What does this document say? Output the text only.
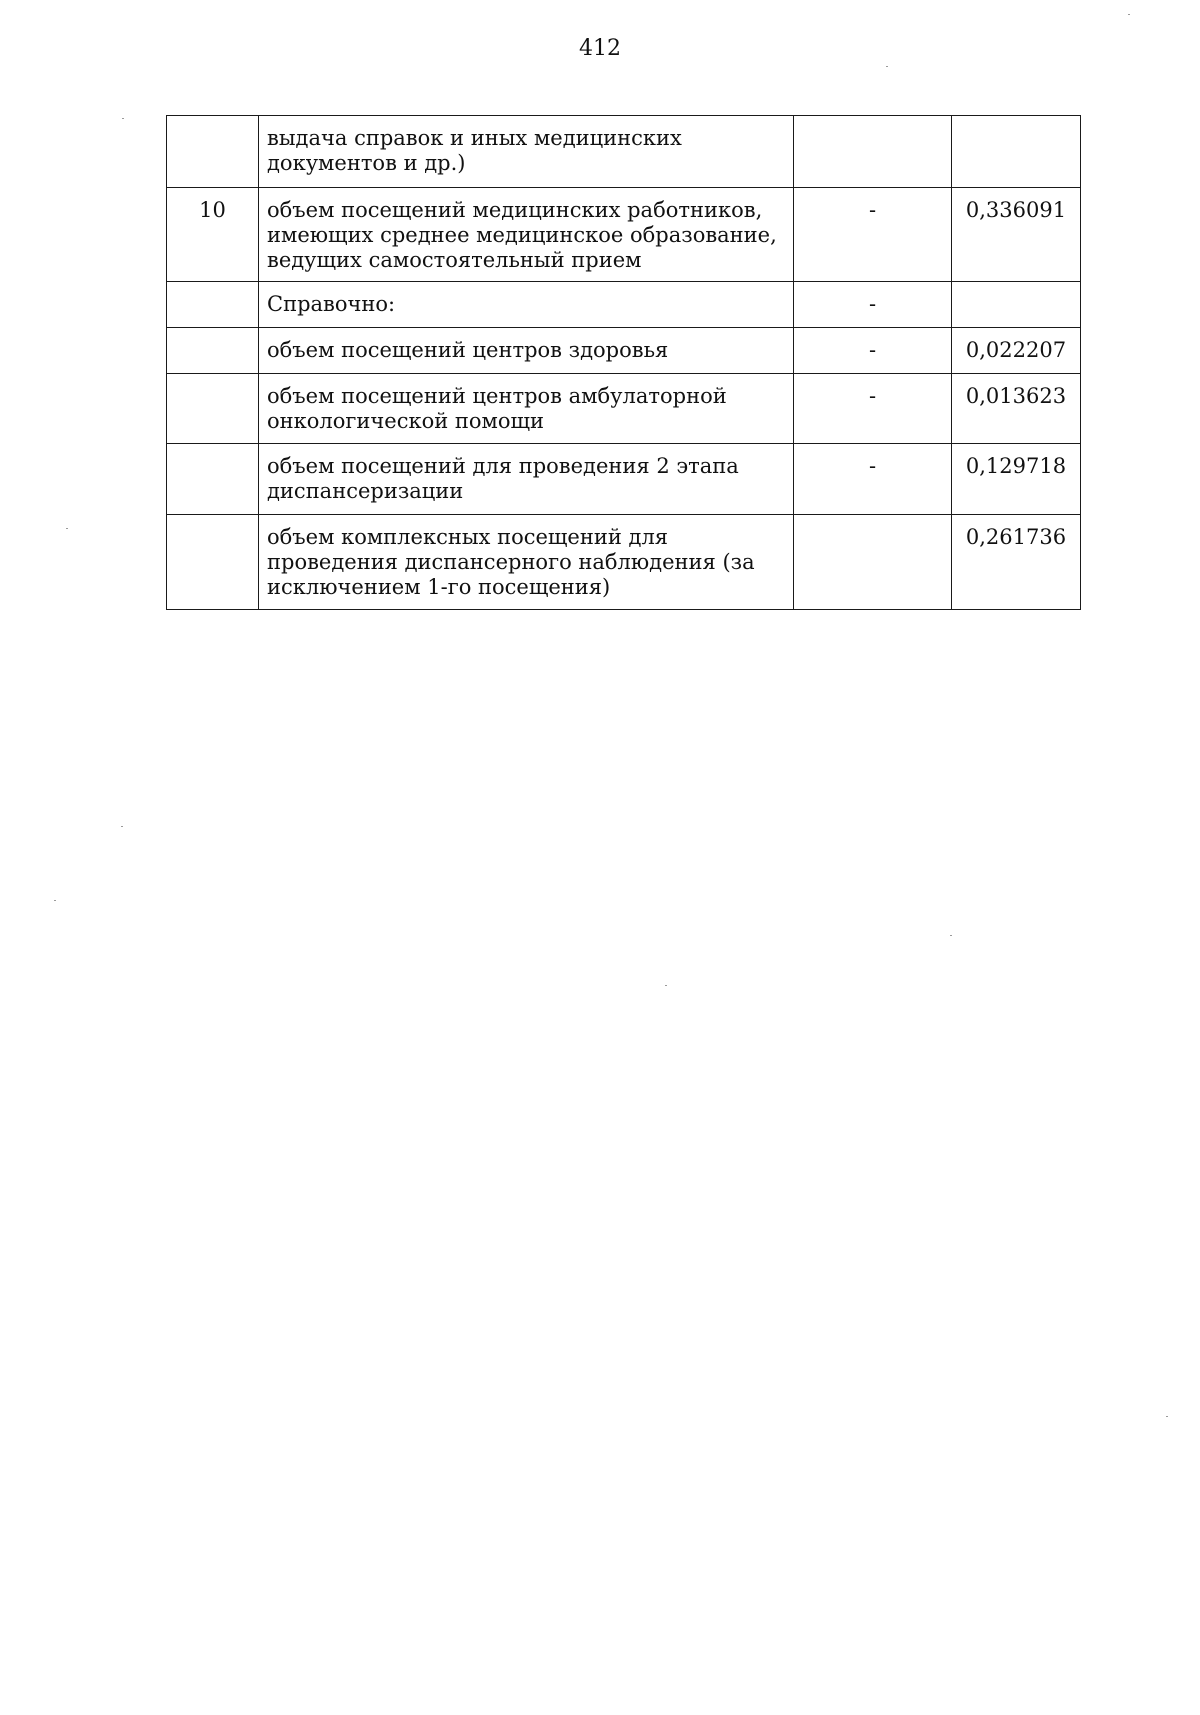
412
	выдача справок и иных медицинских документов и др.)		
10	объем посещений медицинских работников, имеющих среднее медицинское образование, ведущих самостоятельный прием	-	0,336091
	Справочно:	-	
	объем посещений центров здоровья	-	0,022207
	объем посещений центров амбулаторной онкологической помощи	-	0,013623
	объем посещений для проведения 2 этапа диспансеризации	-	0,129718
	объем комплексных посещений для проведения диспансерного наблюдения (за исключением 1-го посещения)		0,261736
